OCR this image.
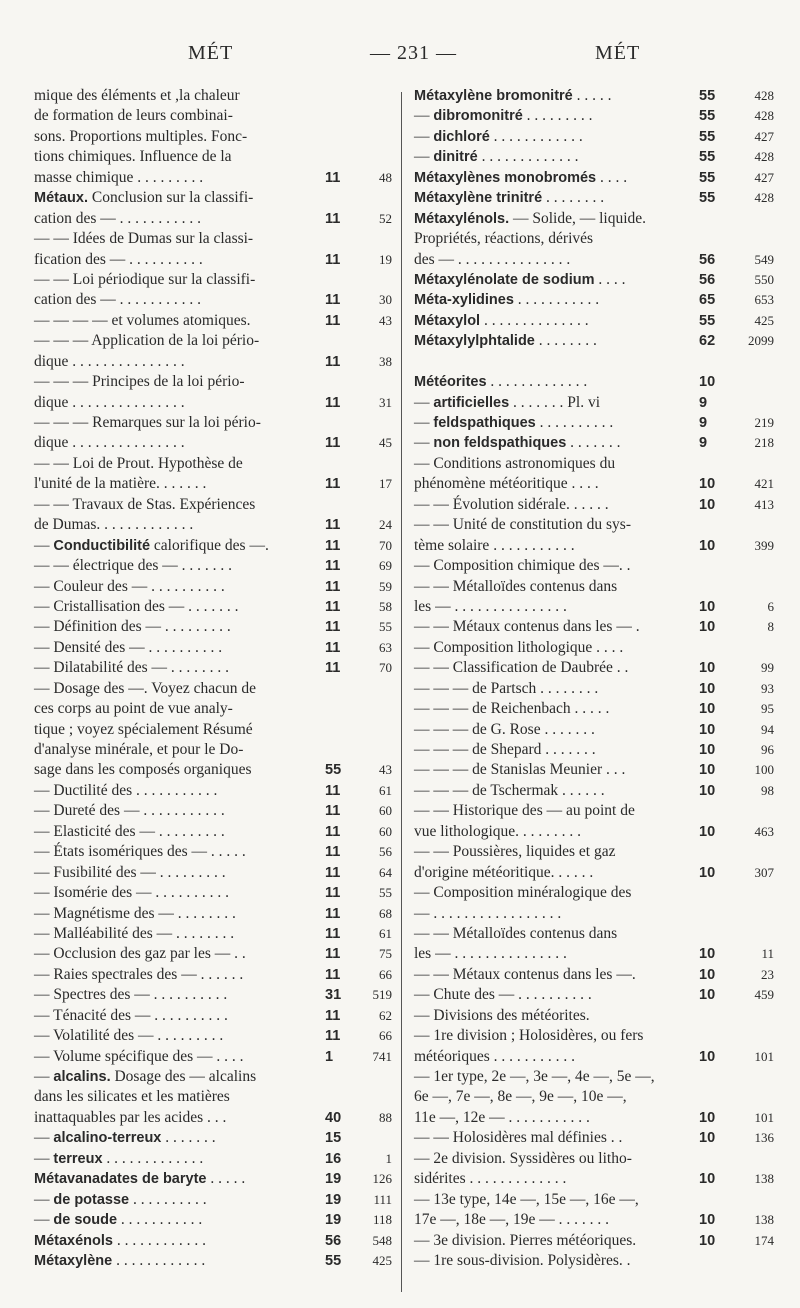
MÉT	— 231 —	MÉT
mique des éléments et ,la chaleur
de formation de leurs combinai-
sons. Proportions multiples. Fonc-
tions chimiques. Influence de la
masse chimique . . . . . . . . .	11	48
Métaux. Conclusion sur la classifi-
cation des — . . . . . . . . . . .	11	52
— — Idées de Dumas sur la classi-
fication des — . . . . . . . . . .	11	19
— — Loi périodique sur la classifi-
cation des — . . . . . . . . . . .	11	30
— — — — et volumes atomiques.	11	43
— — — Application de la loi pério-
dique . . . . . . . . . . . . . . .	11	38
— — — Principes de la loi pério-
dique . . . . . . . . . . . . . . .	11	31
— — — Remarques sur la loi pério-
dique . . . . . . . . . . . . . . .	11	45
— — Loi de Prout. Hypothèse de
l'unité de la matière. . . . . . .	11	17
— — Travaux de Stas. Expériences
de Dumas. . . . . . . . . . . . .	11	24
— Conductibilité calorifique des —.	11	70
— — électrique des — . . . . . . .	11	69
— Couleur des — . . . . . . . . . .	11	59
— Cristallisation des — . . . . . . .	11	58
— Définition des — . . . . . . . . .	11	55
— Densité des — . . . . . . . . . .	11	63
— Dilatabilité des — . . . . . . . .	11	70
— Dosage des —. Voyez chacun de
ces corps au point de vue analy-
tique ; voyez spécialement Résumé
d'analyse minérale, et pour le Do-
sage dans les composés organiques	55	43
— Ductilité des . . . . . . . . . . .	11	61
— Dureté des — . . . . . . . . . . .	11	60
— Elasticité des — . . . . . . . . .	11	60
— États isomériques des — . . . . .	11	56
— Fusibilité des — . . . . . . . . .	11	64
— Isomérie des — . . . . . . . . . .	11	55
— Magnétisme des — . . . . . . . .	11	68
— Malléabilité des — . . . . . . . .	11	61
— Occlusion des gaz par les — . .	11	75
— Raies spectrales des — . . . . . .	11	66
— Spectres des — . . . . . . . . . .	31	519
— Ténacité des — . . . . . . . . . .	11	62
— Volatilité des — . . . . . . . . .	11	66
— Volume spécifique des — . . . .	1	741
— alcalins. Dosage des — alcalins
dans les silicates et les matières
inattaquables par les acides . . .	40	88
— alcalino-terreux . . . . . . .	15
— terreux . . . . . . . . . . . . .	16	1
Métavanadates de baryte . . . . .	19	126
— de potasse . . . . . . . . . .	19	111
— de soude . . . . . . . . . . .	19	118
Métaxénols . . . . . . . . . . . .	56	548
Métaxylène . . . . . . . . . . . .	55	425
Métaxylène bromonitré . . . . .	55	428
— dibromonitré . . . . . . . . .	55	428
— dichloré . . . . . . . . . . . .	55	427
— dinitré . . . . . . . . . . . . .	55	428
Métaxylènes monobromés . . . .	55	427
Métaxylène trinitré . . . . . . . .	55	428
Métaxylénols. — Solide, — liquide.
Propriétés, réactions, dérivés
des — . . . . . . . . . . . . . . .	56	549
Métaxylénolate de sodium . . . .	56	550
Méta-xylidines . . . . . . . . . . .	65	653
Métaxylol . . . . . . . . . . . . . .	55	425
Métaxylylphtalide . . . . . . . .	62	2099
Météorites . . . . . . . . . . . . .	10
— artificielles . . . . . . . Pl. vi	9
— feldspathiques . . . . . . . . . .	9	219
— non feldspathiques . . . . . . .	9	218
— Conditions astronomiques du
phénomène météoritique . . . .	10	421
— — Évolution sidérale. . . . . .	10	413
— — Unité de constitution du sys-
tème solaire . . . . . . . . . . .	10	399
— Composition chimique des —. .
— — Métalloïdes contenus dans
les — . . . . . . . . . . . . . . .	10	6
— — Métaux contenus dans les — .	10	8
— Composition lithologique . . . .
— — Classification de Daubrée . .	10	99
— — — de Partsch . . . . . . . .	10	93
— — — de Reichenbach . . . . .	10	95
— — — de G. Rose . . . . . . .	10	94
— — — de Shepard . . . . . . .	10	96
— — — de Stanislas Meunier . . .	10	100
— — — de Tschermak . . . . . .	10	98
— — Historique des — au point de
vue lithologique. . . . . . . . .	10	463
— — Poussières, liquides et gaz
d'origine météoritique. . . . . .	10	307
— Composition minéralogique des
— . . . . . . . . . . . . . . . . .
— — Métalloïdes contenus dans
les — . . . . . . . . . . . . . . .	10	11
— — Métaux contenus dans les —.	10	23
— Chute des — . . . . . . . . . .	10	459
— Divisions des météorites.
— 1re division ; Holosidères, ou fers
météoriques . . . . . . . . . . .	10	101
— 1er type, 2e —, 3e —, 4e —, 5e —,
6e —, 7e —, 8e —, 9e —, 10e —,
11e —, 12e — . . . . . . . . . . .	10	101
— — Holosidères mal définies . .	10	136
— 2e division. Syssidères ou litho-
sidérites . . . . . . . . . . . . .	10	138
— 13e type, 14e —, 15e —, 16e —,
17e —, 18e —, 19e — . . . . . . .	10	138
— 3e division. Pierres météoriques.	10	174
— 1re sous-division. Polysidères. .
